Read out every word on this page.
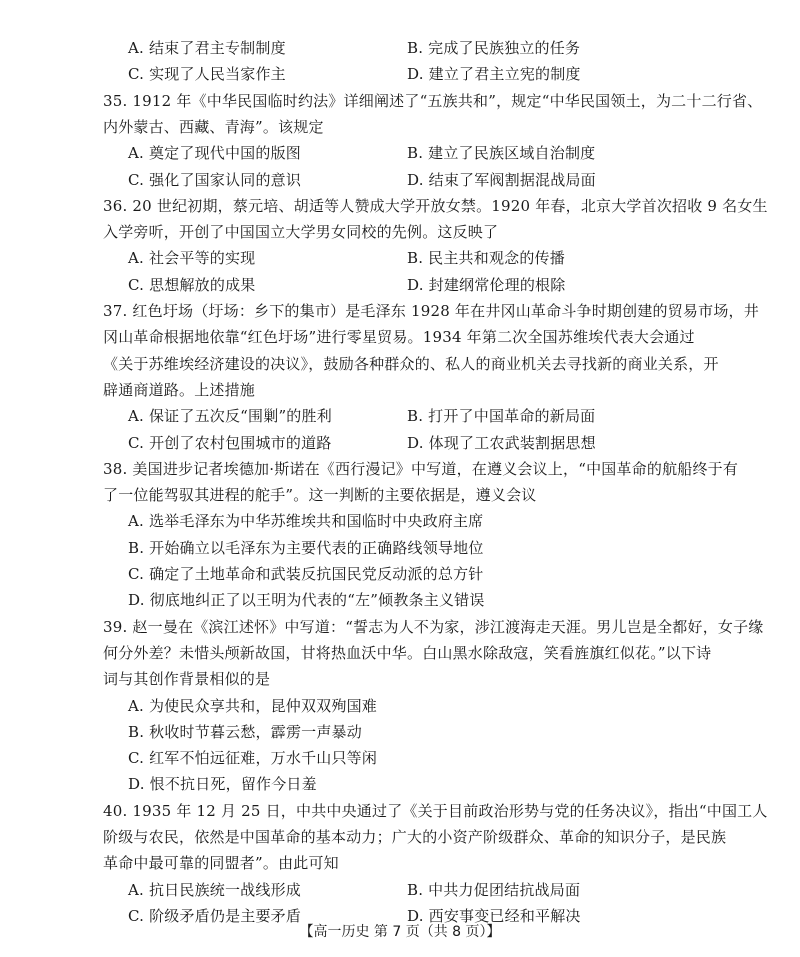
A. 结束了君主专制制度	B. 完成了民族独立的任务
C. 实现了人民当家作主	D. 建立了君主立宪的制度
35. 1912 年《中华民国临时约法》详细阐述了“五族共和”，规定“中华民国领土，为二十二行省、
内外蒙古、西藏、青海”。该规定
A. 奠定了现代中国的版图	B. 建立了民族区域自治制度
C. 强化了国家认同的意识	D. 结束了军阀割据混战局面
36. 20 世纪初期，蔡元培、胡适等人赞成大学开放女禁。1920 年春，北京大学首次招收 9 名女生
入学旁听，开创了中国国立大学男女同校的先例。这反映了
A. 社会平等的实现	B. 民主共和观念的传播
C. 思想解放的成果	D. 封建纲常伦理的根除
37. 红色圩场（圩场：乡下的集市）是毛泽东 1928 年在井冈山革命斗争时期创建的贸易市场，井
冈山革命根据地依靠“红色圩场”进行零星贸易。1934 年第二次全国苏维埃代表大会通过
《关于苏维埃经济建设的决议》，鼓励各种群众的、私人的商业机关去寻找新的商业关系，开
辟通商道路。上述措施
A. 保证了五次反“围剿”的胜利	B. 打开了中国革命的新局面
C. 开创了农村包围城市的道路	D. 体现了工农武装割据思想
38. 美国进步记者埃德加·斯诺在《西行漫记》中写道，在遵义会议上，“中国革命的航船终于有
了一位能驾驭其进程的舵手”。这一判断的主要依据是，遵义会议
A. 选举毛泽东为中华苏维埃共和国临时中央政府主席
B. 开始确立以毛泽东为主要代表的正确路线领导地位
C. 确定了土地革命和武装反抗国民党反动派的总方针
D. 彻底地纠正了以王明为代表的“左”倾教条主义错误
39. 赵一曼在《滨江述怀》中写道：“誓志为人不为家，涉江渡海走天涯。男儿岂是全都好，女子缘
何分外差？未惜头颅新故国，甘将热血沃中华。白山黑水除敌寇，笑看旌旗红似花。”以下诗
词与其创作背景相似的是
A. 为使民众享共和，昆仲双双殉国难
B. 秋收时节暮云愁，霹雳一声暴动
C. 红军不怕远征难，万水千山只等闲
D. 恨不抗日死，留作今日羞
40. 1935 年 12 月 25 日，中共中央通过了《关于目前政治形势与党的任务决议》，指出“中国工人
阶级与农民，依然是中国革命的基本动力；广大的小资产阶级群众、革命的知识分子，是民族
革命中最可靠的同盟者”。由此可知
A. 抗日民族统一战线形成	B. 中共力促团结抗战局面
【高一历史 第 7 页（共 8 页）】
C. 阶级矛盾仍是主要矛盾	D. 西安事变已经和平解决
